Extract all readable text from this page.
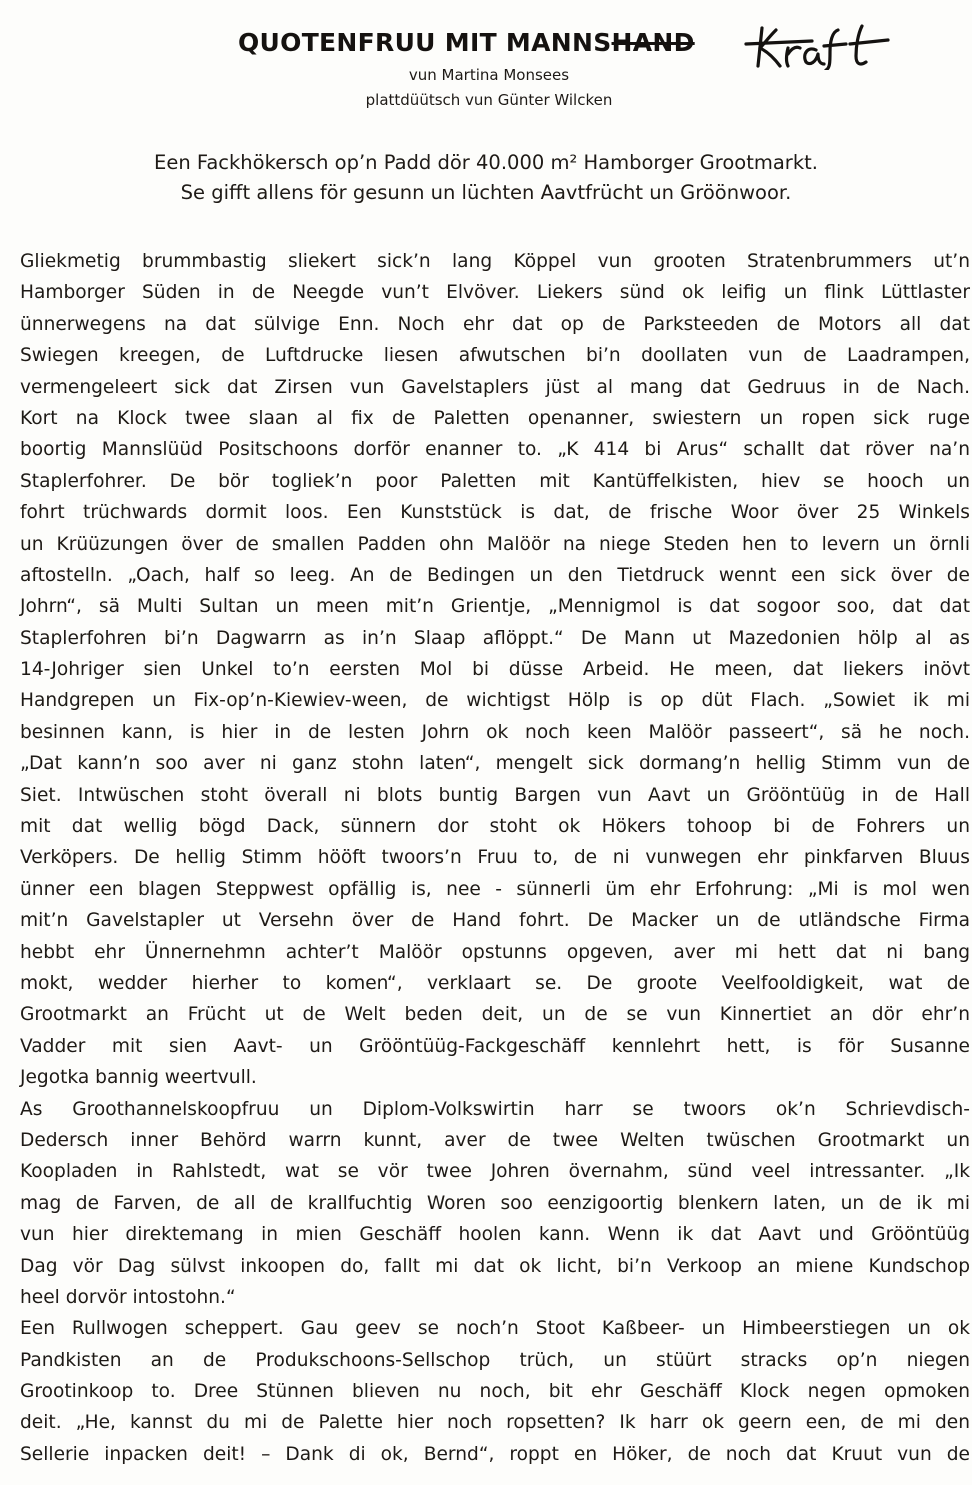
QUOTENFRUU MIT MANNSHAND
vun Martina Monsees
plattdüütsch vun Günter Wilcken
Een Fackhökersch op’n Padd dör 40.000 m² Hamborger Grootmarkt.
Se gifft allens för gesunn un lüchten Aavtfrücht un Gröönwoor.
Gliekmetig brummbastig sliekert sick’n lang Köppel vun grooten Stratenbrummers ut’n
Hamborger Süden in de Neegde vun’t Elvöver. Liekers sünd ok leifig un flink Lüttlaster
ünnerwegens na dat sülvige Enn. Noch ehr dat op de Parksteeden de Motors all dat
Swiegen kreegen, de Luftdrucke liesen afwutschen bi’n doollaten vun de Laadrampen,
vermengeleert sick dat Zirsen vun Gavelstaplers jüst al mang dat Gedruus in de Nach.
Kort na Klock twee slaan al fix de Paletten openanner, swiestern un ropen sick ruge
boortig Mannslüüd Positschoons dorför enanner to. „K 414 bi Arus“ schallt dat röver na’n
Staplerfohrer. De bör togliek’n poor Paletten mit Kantüffelkisten, hiev se hooch un
fohrt trüchwards dormit loos. Een Kunststück is dat, de frische Woor över 25 Winkels
un Krüüzungen över de smallen Padden ohn Malöör na niege Steden hen to levern un örnli
aftostelln. „Oach, half so leeg. An de Bedingen un den Tietdruck wennt een sick över de
Johrn“, sä Multi Sultan un meen mit’n Grientje, „Mennigmol is dat sogoor soo, dat dat
Staplerfohren bi’n Dagwarrn as in’n Slaap aflöppt.“ De Mann ut Mazedonien hölp al as
14-Johriger sien Unkel to’n eersten Mol bi düsse Arbeid. He meen, dat liekers inövt
Handgrepen un Fix-op’n-Kiewiev-ween, de wichtigst Hölp is op düt Flach. „Sowiet ik mi
besinnen kann, is hier in de lesten Johrn ok noch keen Malöör passeert“, sä he noch.
„Dat kann’n soo aver ni ganz stohn laten“, mengelt sick dormang’n hellig Stimm vun de
Siet. Intwüschen stoht överall ni blots buntig Bargen vun Aavt un Grööntüüg in de Hall
mit dat wellig bögd Dack, sünnern dor stoht ok Hökers tohoop bi de Fohrers un
Verköpers. De hellig Stimm hööft twoors’n Fruu to, de ni vunwegen ehr pinkfarven Bluus
ünner een blagen Steppwest opfällig is, nee - sünnerli üm ehr Erfohrung: „Mi is mol wen
mit’n Gavelstapler ut Versehn över de Hand fohrt. De Macker un de utländsche Firma
hebbt ehr Ünnernehmn achter’t Malöör opstunns opgeven, aver mi hett dat ni bang
mokt, wedder hierher to komen“, verklaart se. De groote Veelfooldigkeit, wat de
Grootmarkt an Frücht ut de Welt beden deit, un de se vun Kinnertiet an dör ehr’n
Vadder mit sien Aavt- un Grööntüüg-Fackgeschäff kennlehrt hett, is för Susanne
Jegotka bannig weertvull.
As Groothannelskoopfruu un Diplom-Volkswirtin harr se twoors ok’n Schrievdisch-
Dedersch inner Behörd warrn kunnt, aver de twee Welten twüschen Grootmarkt un
Koopladen in Rahlstedt, wat se vör twee Johren övernahm, sünd veel intressanter. „Ik
mag de Farven, de all de krallfuchtig Woren soo eenzigoortig blenkern laten, un de ik mi
vun hier direktemang in mien Geschäff hoolen kann. Wenn ik dat Aavt und Grööntüüg
Dag vör Dag sülvst inkoopen do, fallt mi dat ok licht, bi’n Verkoop an miene Kundschop
heel dorvör intostohn.“
Een Rullwogen scheppert. Gau geev se noch’n Stoot Kaßbeer- un Himbeerstiegen un ok
Pandkisten an de Produkschoons-Sellschop trüch, un stüürt stracks op’n niegen
Grootinkoop to. Dree Stünnen blieven nu noch, bit ehr Geschäff Klock negen opmoken
deit. „He, kannst du mi de Palette hier noch ropsetten? Ik harr ok geern een, de mi den
Sellerie inpacken deit! – Dank di ok, Bernd“, roppt en Höker, de noch dat Kruut vun de
